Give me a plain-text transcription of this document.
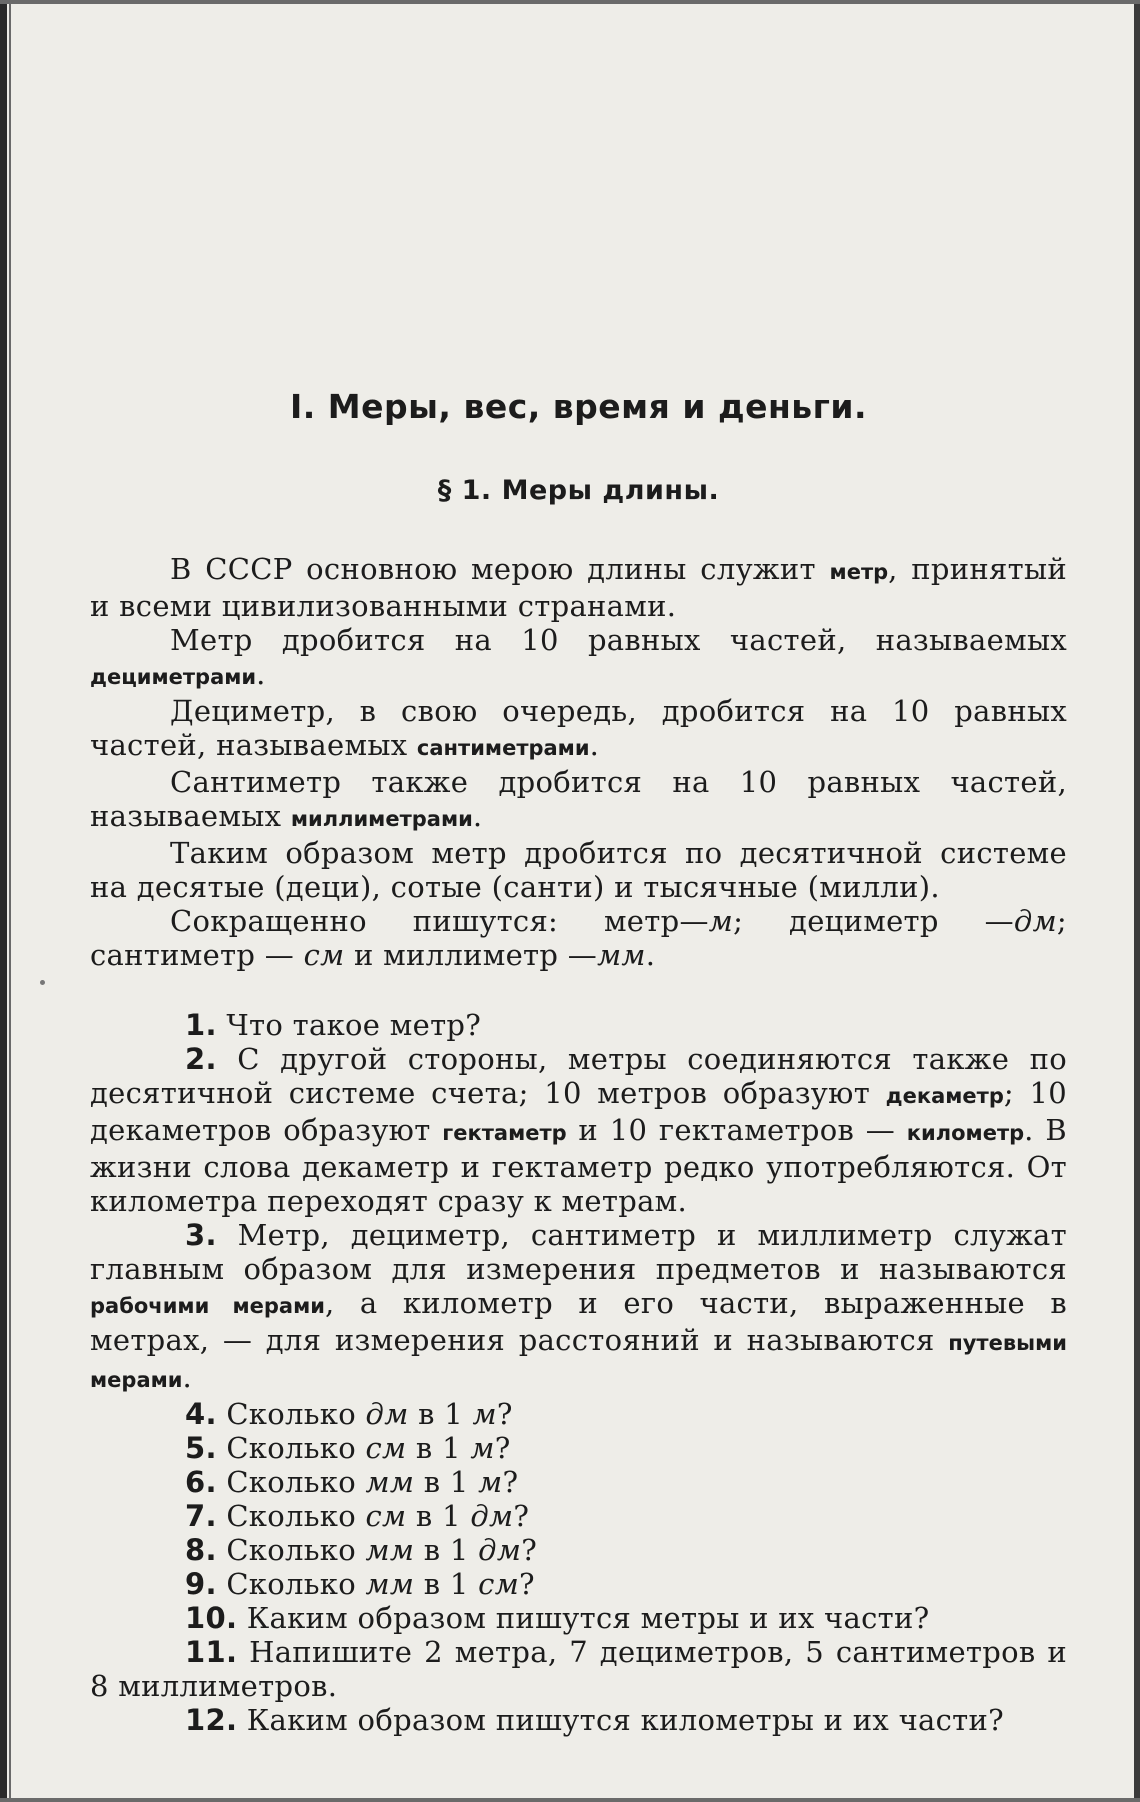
I. Меры, вес, время и деньги.
§ 1. Меры длины.

В СССР основною мерою длины служит метр, принятый и всеми цивилизованными странами.

Метр дробится на 10 равных частей, называемых дециметрами.

Дециметр, в свою очередь, дробится на 10 равных частей, называемых сантиметрами.

Сантиметр также дробится на 10 равных частей, называемых миллиметрами.

Таким образом метр дробится по десятичной системе на десятые (деци), сотые (санти) и тысячные (милли).

Сокращенно пишутся: метр—м; дециметр —дм; сантиметр — см и миллиметр —мм.

1. Что такое метр?

2. С другой стороны, метры соединяются также по десятичной системе счета; 10 метров образуют декаметр; 10 декаметров образуют гектаметр и 10 гектаметров — километр. В жизни слова декаметр и гектаметр редко употребляются. От километра переходят сразу к метрам.

3. Метр, дециметр, сантиметр и миллиметр служат главным образом для измерения предметов и называются рабочими мерами, а километр и его части, выраженные в метрах, — для измерения расстояний и называются путевыми мерами.

4. Сколько дм в 1 м?

5. Сколько см в 1 м?

6. Сколько мм в 1 м?

7. Сколько см в 1 дм?

8. Сколько мм в 1 дм?

9. Сколько мм в 1 см?

10. Каким образом пишутся метры и их части?

11. Напишите 2 метра, 7 дециметров, 5 сантиметров и 8 миллиметров.

12. Каким образом пишутся километры и их части?
